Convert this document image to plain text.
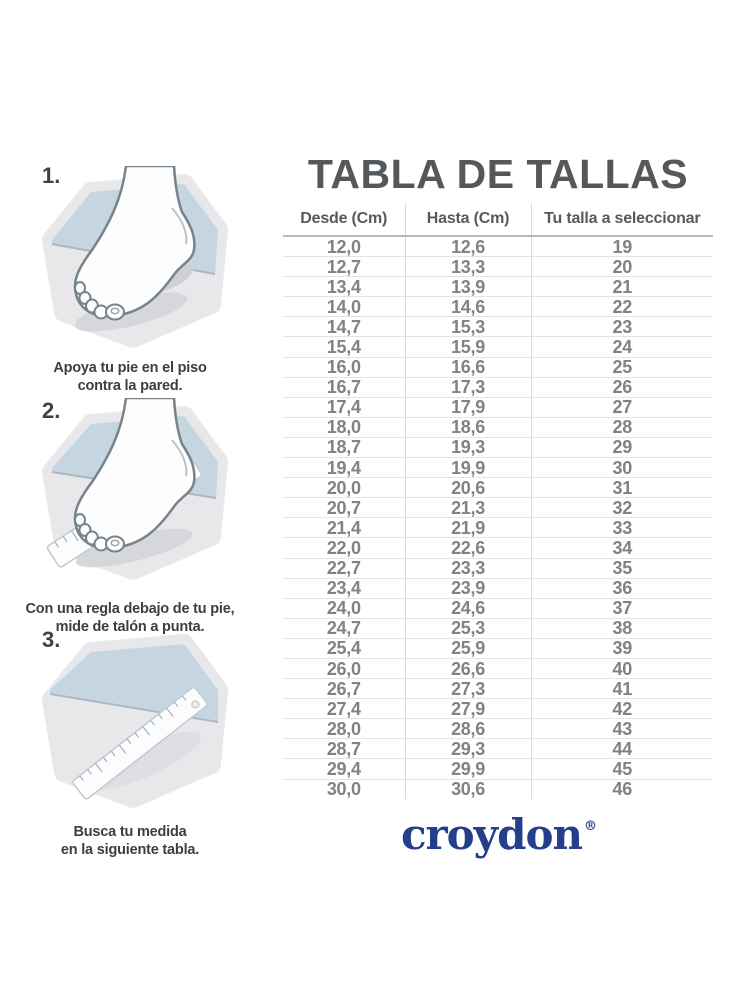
1.

Apoya tu pie en el piso
contra la pared.

2.

Con una regla debajo de tu pie,
mide de talón a punta.

3.

Busca tu medida
en la siguiente tabla.

TABLA DE TALLAS
Desde (Cm)	Hasta (Cm)	Tu talla a seleccionar
12,0	12,6	19
12,7	13,3	20
13,4	13,9	21
14,0	14,6	22
14,7	15,3	23
15,4	15,9	24
16,0	16,6	25
16,7	17,3	26
17,4	17,9	27
18,0	18,6	28
18,7	19,3	29
19,4	19,9	30
20,0	20,6	31
20,7	21,3	32
21,4	21,9	33
22,0	22,6	34
22,7	23,3	35
23,4	23,9	36
24,0	24,6	37
24,7	25,3	38
25,4	25,9	39
26,0	26,6	40
26,7	27,3	41
27,4	27,9	42
28,0	28,6	43
28,7	29,3	44
29,4	29,9	45
30,0	30,6	46
croydon ®
